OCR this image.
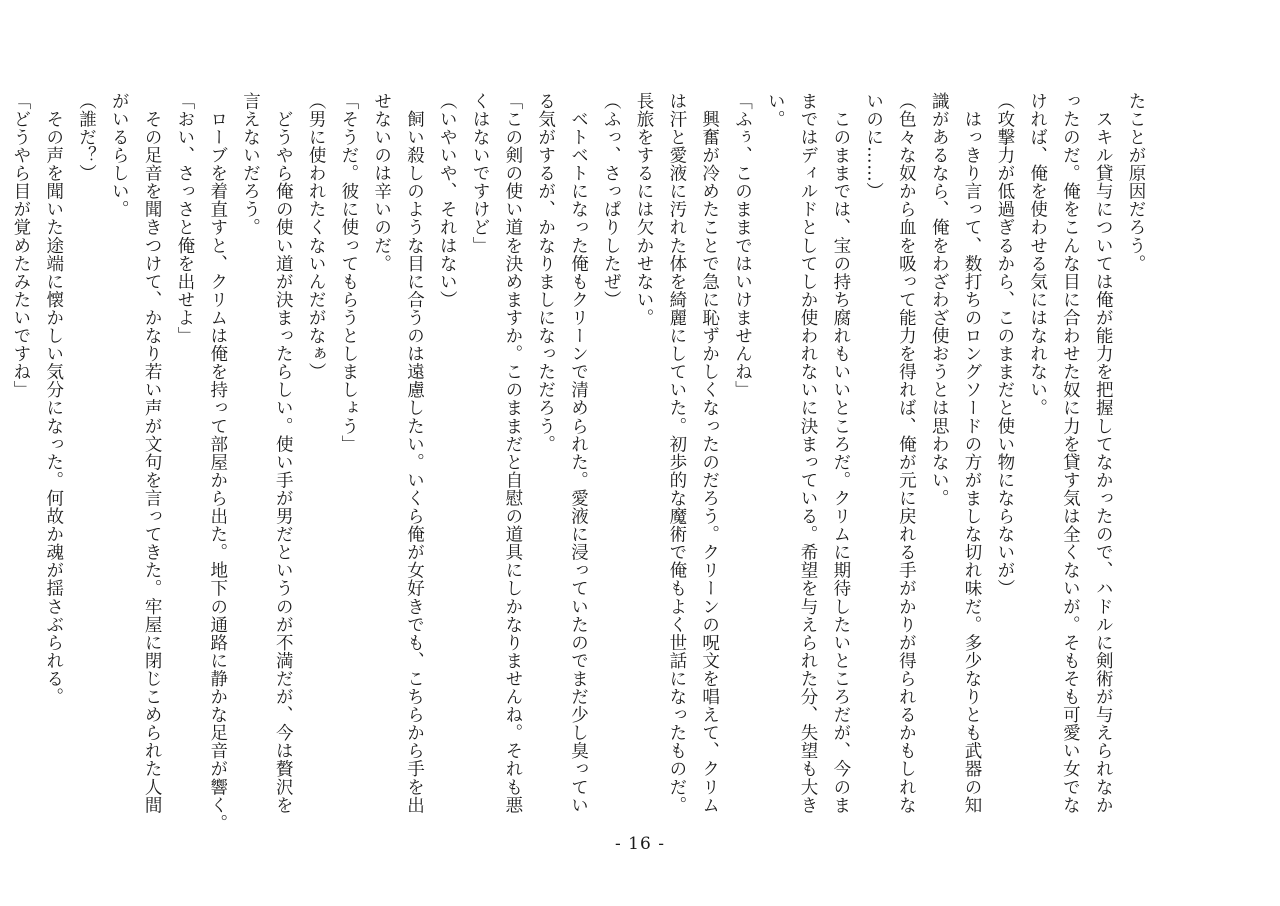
たことが原因だろう。
　スキル貸与については俺が能力を把握してなかったので、ハドルに剣術が与えられなか
ったのだ。俺をこんな目に合わせた奴に力を貸す気は全くないが。そもそも可愛い女でな
ければ、俺を使わせる気にはなれない。
（攻撃力が低過ぎるから、このままだと使い物にならないが）
　はっきり言って、数打ちのロングソードの方がましな切れ味だ。多少なりとも武器の知
識があるなら、俺をわざわざ使おうとは思わない。
（色々な奴から血を吸って能力を得れば、俺が元に戻れる手がかりが得られるかもしれな
いのに……）
　このままでは、宝の持ち腐れもいいところだ。クリムに期待したいところだが、今のま
まではディルドとしてしか使われないに決まっている。希望を与えられた分、失望も大き
い。
「ふぅ、このままではいけませんね」
　興奮が冷めたことで急に恥ずかしくなったのだろう。クリーンの呪文を唱えて、クリム
は汗と愛液に汚れた体を綺麗にしていた。初歩的な魔術で俺もよく世話になったものだ。
長旅をするには欠かせない。
（ふっ、さっぱりしたぜ）
　ベトベトになった俺もクリーンで清められた。愛液に浸っていたのでまだ少し臭ってい
る気がするが、かなりましになっただろう。
「この剣の使い道を決めますか。このままだと自慰の道具にしかなりませんね。それも悪
くはないですけど」
（いやいや、それはない）
　飼い殺しのような目に合うのは遠慮したい。いくら俺が女好きでも、こちらから手を出
せないのは辛いのだ。
「そうだ。彼に使ってもらうとしましょう」
（男に使われたくないんだがなぁ）
　どうやら俺の使い道が決まったらしい。使い手が男だというのが不満だが、今は贅沢を
言えないだろう。
　ローブを着直すと、クリムは俺を持って部屋から出た。地下の通路に静かな足音が響く。
「おい、さっさと俺を出せよ」
　その足音を聞きつけて、かなり若い声が文句を言ってきた。牢屋に閉じこめられた人間
がいるらしい。
（誰だ？）
　その声を聞いた途端に懐かしい気分になった。何故か魂が揺さぶられる。
「どうやら目が覚めたみたいですね」
- 16 -
